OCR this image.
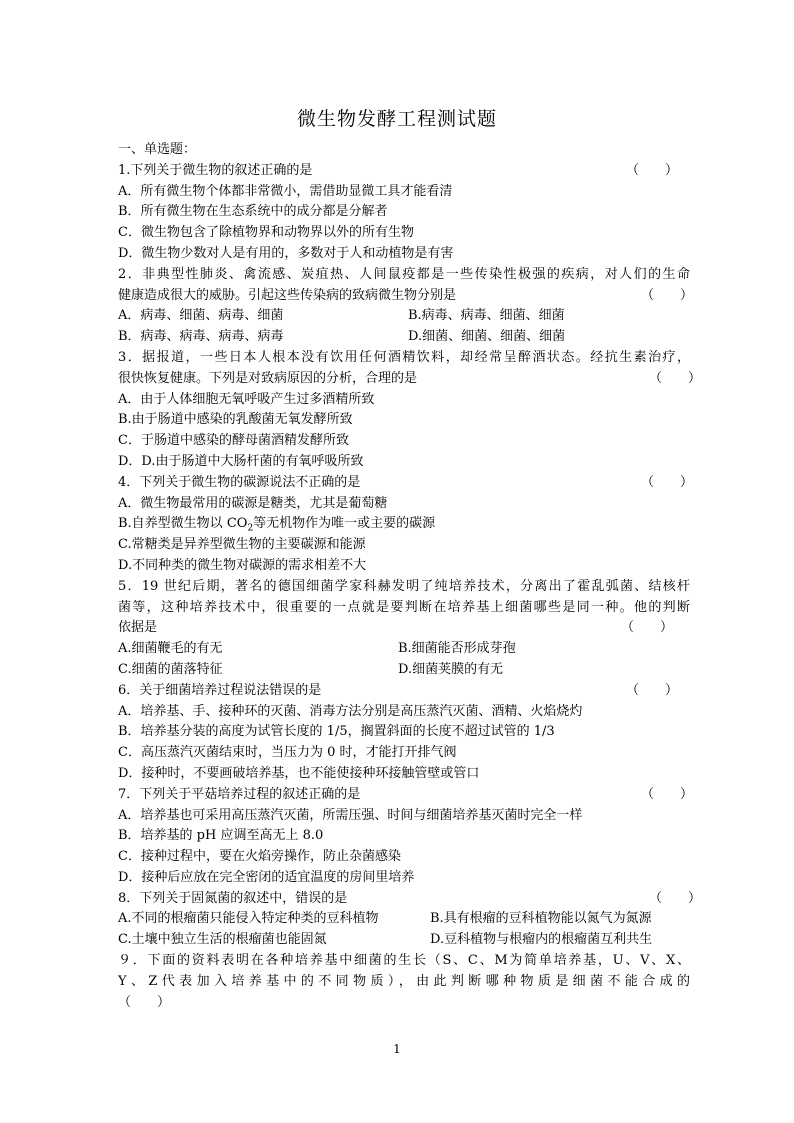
微生物发酵工程测试题
一、单选题：
1.下列关于微生物的叙述正确的是	（　　）
A．所有微生物个体都非常微小，需借助显微工具才能看清
B．所有微生物在生态系统中的成分都是分解者
C．微生物包含了除植物界和动物界以外的所有生物
D．微生物少数对人是有用的，多数对于人和动植物是有害
2．非典型性肺炎、禽流感、炭疽热、人间鼠疫都是一些传染性极强的疾病，对人们的生命
健康造成很大的威胁。引起这些传染病的致病微生物分别是	（　　）
A．病毒、细菌、病毒、细菌	B.病毒、病毒、细菌、细菌
B．病毒、病毒、病毒、病毒	D.细菌、细菌、细菌、细菌
3．据报道，一些日本人根本没有饮用任何酒精饮料，却经常呈醉酒状态。经抗生素治疗，
很快恢复健康。下列是对致病原因的分析，合理的是	（　　）
A．由于人体细胞无氧呼吸产生过多酒精所致
B.由于肠道中感染的乳酸菌无氧发酵所致
C．于肠道中感染的酵母菌酒精发酵所致
D．D.由于肠道中大肠杆菌的有氧呼吸所致
4．下列关于微生物的碳源说法不正确的是	（　　）
A．微生物最常用的碳源是糖类，尤其是葡萄糖
B.自养型微生物以 $CO_2$等无机物作为唯一或主要的碳源
C.常糖类是异养型微生物的主要碳源和能源
D.不同种类的微生物对碳源的需求相差不大
5．19 世纪后期，著名的德国细菌学家科赫发明了纯培养技术，分离出了霍乱弧菌、结核杆
菌等，这种培养技术中，很重要的一点就是要判断在培养基上细菌哪些是同一种。他的判断
依据是	（　　）
A.细菌鞭毛的有无	B.细菌能否形成芽孢
C.细菌的菌落特征	D.细菌荚膜的有无
6．关于细菌培养过程说法错误的是	（　　）
A．培养基、手、接种环的灭菌、消毒方法分别是高压蒸汽灭菌、酒精、火焰烧灼
B．培养基分装的高度为试管长度的 1/5，搁置斜面的长度不超过试管的 1/3
C．高压蒸汽灭菌结束时，当压力为 0 时，才能打开排气阀
D．接种时，不要画破培养基，也不能使接种环接触管壁或管口
7．下列关于平菇培养过程的叙述正确的是	（　　）
A．培养基也可采用高压蒸汽灭菌，所需压强、时间与细菌培养基灭菌时完全一样
B．培养基的 pH 应调至高无上 8.0
C．接种过程中，要在火焰旁操作，防止杂菌感染
D．接种后应放在完全密闭的适宜温度的房间里培养
8．下列关于固氮菌的叙述中，错误的是	（　　）
A.不同的根瘤菌只能侵入特定种类的豆科植物	B.具有根瘤的豆科植物能以氮气为氮源
C.土壤中独立生活的根瘤菌也能固氮	D.豆科植物与根瘤内的根瘤菌互利共生
９．下面的资料表明在各种培养基中细菌的生长（S、C、M为简单培养基，U、V、X、
Y、Z代表加入培养基中的不同物质），由此判断哪种物质是细菌不能合成的
（　　）
1
